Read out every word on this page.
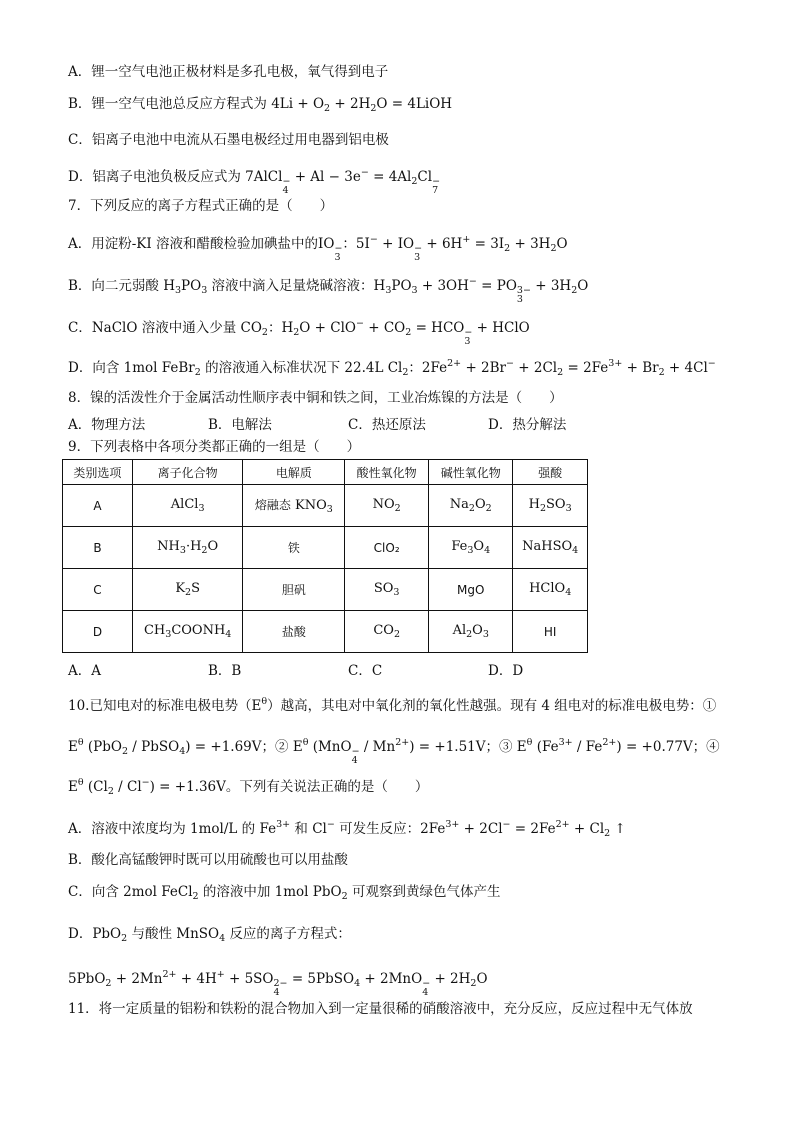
A．锂一空气电池正极材料是多孔电极，氧气得到电子
B．锂一空气电池总反应方程式为 $4Li + O_2 + 2H_2O$ = 4LiOH
C．铝离子电池中电流从石墨电极经过用电器到铝电极
D．铝离子电池负极反应式为 7AlCl −
4
+ $Al - 3e^- = 4Al_2Cl$ −
7
7．下列反应的离子方程式正确的是（　　）
A．用淀粉-KI 溶液和醋酸检验加碘盐中的IO −
3
：5I− + IO −
3
+ $6H^+ = 3I_2 + 3H_2O$
B．向二元弱酸 $H_3PO_3$ 溶液中滴入足量烧碱溶液：$H_3PO_3 + 3OH^-$ = PO 3−
3
+ $3H_2O$
C．NaClO 溶液中通入少量 $CO_2$：$H_2O + ClO^- + CO_2$ = HCO −
3
+ HClO
D．向含 1mol FeBr$_2$ 的溶液通入标准状况下 22.4L $Cl_2$：$2Fe^{2+} + 2Br^- + 2Cl_2 = 2Fe^{3+} + Br_2 + 4Cl^-$
8．镍的活泼性介于金属活动性顺序表中铜和铁之间，工业冶炼镍的方法是（　　）
A．物理方法	B．电解法	C．热还原法	D．热分解法
9．下列表格中各项分类都正确的一组是（　　）
类别选项	离子化合物	电解质	酸性氧化物	碱性氧化物	强酸
A	AlCl$_3$	熔融态 $KNO_3$	$NO_2$	$Na_2O_2$	$H_2SO_3$
B	$NH_3\cdot H_2O$	铁	ClO₂	$Fe_3O_4$	NaHSO$_4$
C	$K_2S$	胆矾	$SO_3$	MgO	HClO$_4$
D	$CH_3COONH_4$	盐酸	$CO_2$	$Al_2O_3$	HI
A．A	B．B	C．C	D．D
10.已知电对的标准电极电势$(E^\theta)$越高，其电对中氧化剂的氧化性越强。现有 4 组电对的标准电极电势：①
$E^\theta$ (PbO$_2$ / PbSO$_4$) = +1.69V；② $E^\theta$ (MnO −
4
/ $Mn^{2+}) = +1.51V$；③ $E^\theta$ $(Fe^{3+} / Fe^{2+}) = +0.77V$；④
$E^\theta$ $(Cl_2 / Cl^-) = +1.36V$。下列有关说法正确的是（　　）
A．溶液中浓度均为 1mol/L 的 $Fe^{3+}$ 和 Cl− 可发生反应：$2Fe^{3+} + 2Cl^- = 2Fe^{2+} + Cl_2$ ↑
B．酸化高锰酸钾时既可以用硫酸也可以用盐酸
C．向含 2mol FeCl$_2$ 的溶液中加 1mol PbO$_2$ 可观察到黄绿色气体产生
D．PbO$_2$ 与酸性 MnSO$_4$ 反应的离子方程式：
$5PbO_2 + 2Mn^{2+} + 4H^+ + 5SO$ 2−
4
= 5PbSO$_4$ + 2MnO −
4
+ $2H_2O$
11．将一定质量的铝粉和铁粉的混合物加入到一定量很稀的硝酸溶液中，充分反应，反应过程中无气体放
